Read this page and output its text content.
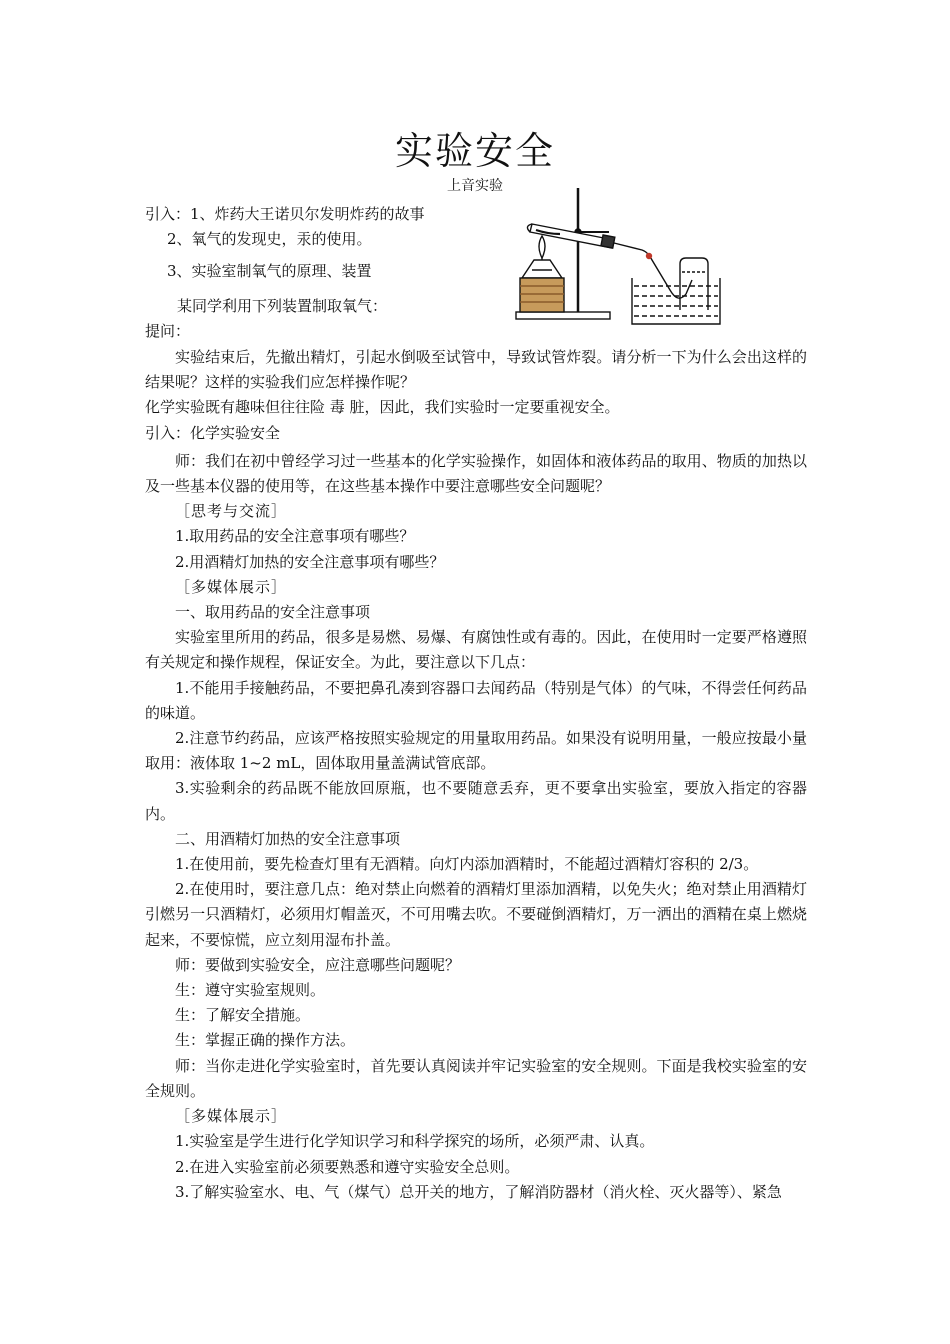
实验安全
上音实验
引入：1、炸药大王诺贝尔发明炸药的故事
2、氧气的发现史，汞的使用。
3、实验室制氧气的原理、装置
某同学利用下列装置制取氧气：
提问：

实验结束后，先撤出精灯，引起水倒吸至试管中，导致试管炸裂。请分析一下为什么会出这样的结果呢？这样的实验我们应怎样操作呢？

化学实验既有趣味但往往险 毒 脏，因此，我们实验时一定要重视安全。

引入：化学实验安全

师：我们在初中曾经学习过一些基本的化学实验操作，如固体和液体药品的取用、物质的加热以及一些基本仪器的使用等，在这些基本操作中要注意哪些安全问题呢？

［思考与交流］

1.取用药品的安全注意事项有哪些？

2.用酒精灯加热的安全注意事项有哪些？

［多媒体展示］

一、取用药品的安全注意事项

实验室里所用的药品，很多是易燃、易爆、有腐蚀性或有毒的。因此，在使用时一定要严格遵照有关规定和操作规程，保证安全。为此，要注意以下几点：

1.不能用手接触药品，不要把鼻孔凑到容器口去闻药品（特别是气体）的气味，不得尝任何药品的味道。

2.注意节约药品，应该严格按照实验规定的用量取用药品。如果没有说明用量，一般应按最小量取用：液体取 1~2 mL，固体取用量盖满试管底部。

3.实验剩余的药品既不能放回原瓶，也不要随意丢弃，更不要拿出实验室，要放入指定的容器内。

二、用酒精灯加热的安全注意事项

1.在使用前，要先检查灯里有无酒精。向灯内添加酒精时，不能超过酒精灯容积的 2/3。

2.在使用时，要注意几点：绝对禁止向燃着的酒精灯里添加酒精，以免失火；绝对禁止用酒精灯引燃另一只酒精灯，必须用灯帽盖灭，不可用嘴去吹。不要碰倒酒精灯，万一洒出的酒精在桌上燃烧起来，不要惊慌，应立刻用湿布扑盖。

师：要做到实验安全，应注意哪些问题呢？

生：遵守实验室规则。

生：了解安全措施。

生：掌握正确的操作方法。

师：当你走进化学实验室时，首先要认真阅读并牢记实验室的安全规则。下面是我校实验室的安全规则。

［多媒体展示］

1.实验室是学生进行化学知识学习和科学探究的场所，必须严肃、认真。

2.在进入实验室前必须要熟悉和遵守实验安全总则。

3.了解实验室水、电、气（煤气）总开关的地方，了解消防器材（消火栓、灭火器等）、紧急
